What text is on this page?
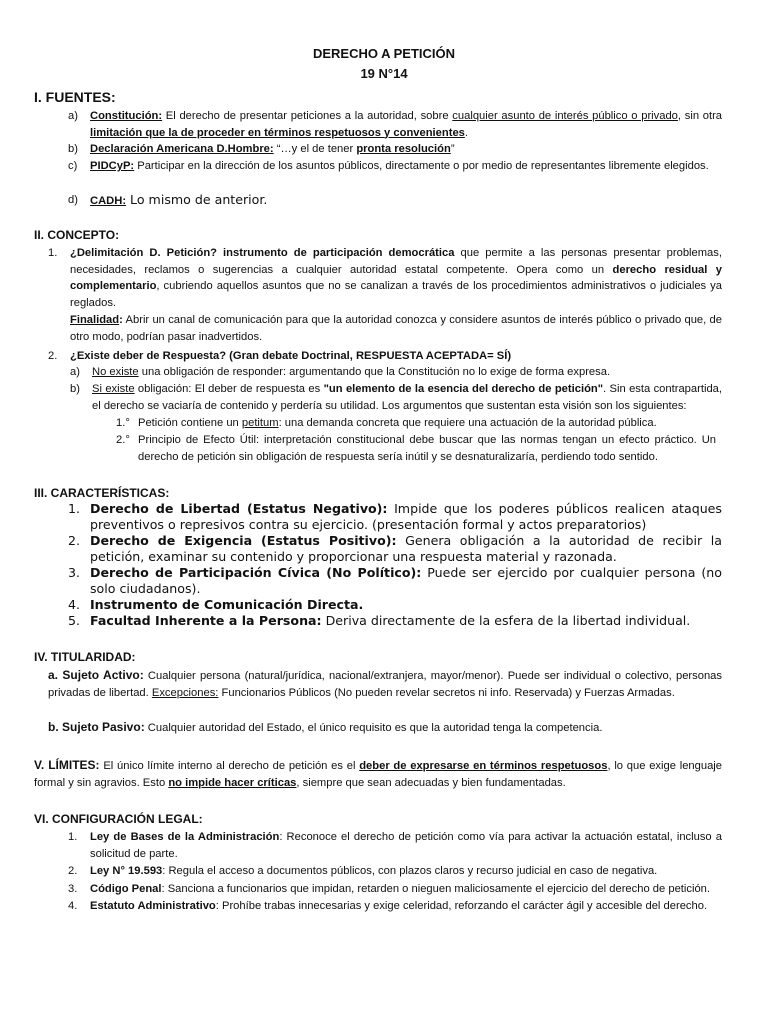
DERECHO A PETICIÓN
19 N°14
I. FUENTES:
a)	Constitución: El derecho de presentar peticiones a la autoridad, sobre cualquier asunto de interés público o privado, sin otra limitación que la de proceder en términos respetuosos y convenientes.
b)	Declaración Americana D.Hombre: “…y el de tener pronta resolución”
c)	PIDCyP: Participar en la dirección de los asuntos públicos, directamente o por medio de representantes libremente elegidos.
d)	CADH: Lo mismo de anterior.
II. CONCEPTO:
1.	¿Delimitación D. Petición? instrumento de participación democrática que permite a las personas presentar problemas, necesidades, reclamos o sugerencias a cualquier autoridad estatal competente. Opera como un derecho residual y complementario, cubriendo aquellos asuntos que no se canalizan a través de los procedimientos administrativos o judiciales ya reglados.
Finalidad: Abrir un canal de comunicación para que la autoridad conozca y considere asuntos de interés público o privado que, de otro modo, podrían pasar inadvertidos.
2.	¿Existe deber de Respuesta? (Gran debate Doctrinal, RESPUESTA ACEPTADA= SÍ)
a)	No existe una obligación de responder: argumentando que la Constitución no lo exige de forma expresa.
b)	Si existe obligación: El deber de respuesta es "un elemento de la esencia del derecho de petición". Sin esta contrapartida, el derecho se vaciaría de contenido y perdería su utilidad. Los argumentos que sustentan esta visión son los siguientes:
1.° Petición contiene un petitum: una demanda concreta que requiere una actuación de la autoridad pública.
2.° Principio de Efecto Útil: interpretación constitucional debe buscar que las normas tengan un efecto práctico. Un derecho de petición sin obligación de respuesta sería inútil y se desnaturalizaría, perdiendo todo sentido.
III. CARACTERÍSTICAS:
1. Derecho de Libertad (Estatus Negativo): Impide que los poderes públicos realicen ataques preventivos o represivos contra su ejercicio. (presentación formal y actos preparatorios)
2. Derecho de Exigencia (Estatus Positivo): Genera obligación a la autoridad de recibir la petición, examinar su contenido y proporcionar una respuesta material y razonada.
3. Derecho de Participación Cívica (No Político): Puede ser ejercido por cualquier persona (no solo ciudadanos).
4. Instrumento de Comunicación Directa.
5. Facultad Inherente a la Persona: Deriva directamente de la esfera de la libertad individual.
IV. TITULARIDAD:
a. Sujeto Activo: Cualquier persona (natural/jurídica, nacional/extranjera, mayor/menor). Puede ser individual o colectivo, personas privadas de libertad. Excepciones: Funcionarios Públicos (No pueden revelar secretos ni info. Reservada) y Fuerzas Armadas.
b. Sujeto Pasivo: Cualquier autoridad del Estado, el único requisito es que la autoridad tenga la competencia.
V. LÍMITES: El único límite interno al derecho de petición es el deber de expresarse en términos respetuosos, lo que exige lenguaje formal y sin agravios. Esto no impide hacer críticas, siempre que sean adecuadas y bien fundamentadas.
VI. CONFIGURACIÓN LEGAL:
1.	Ley de Bases de la Administración: Reconoce el derecho de petición como vía para activar la actuación estatal, incluso a solicitud de parte.
2.	Ley N° 19.593: Regula el acceso a documentos públicos, con plazos claros y recurso judicial en caso de negativa.
3.	Código Penal: Sanciona a funcionarios que impidan, retarden o nieguen maliciosamente el ejercicio del derecho de petición.
4.	Estatuto Administrativo: Prohíbe trabas innecesarias y exige celeridad, reforzando el carácter ágil y accesible del derecho.
